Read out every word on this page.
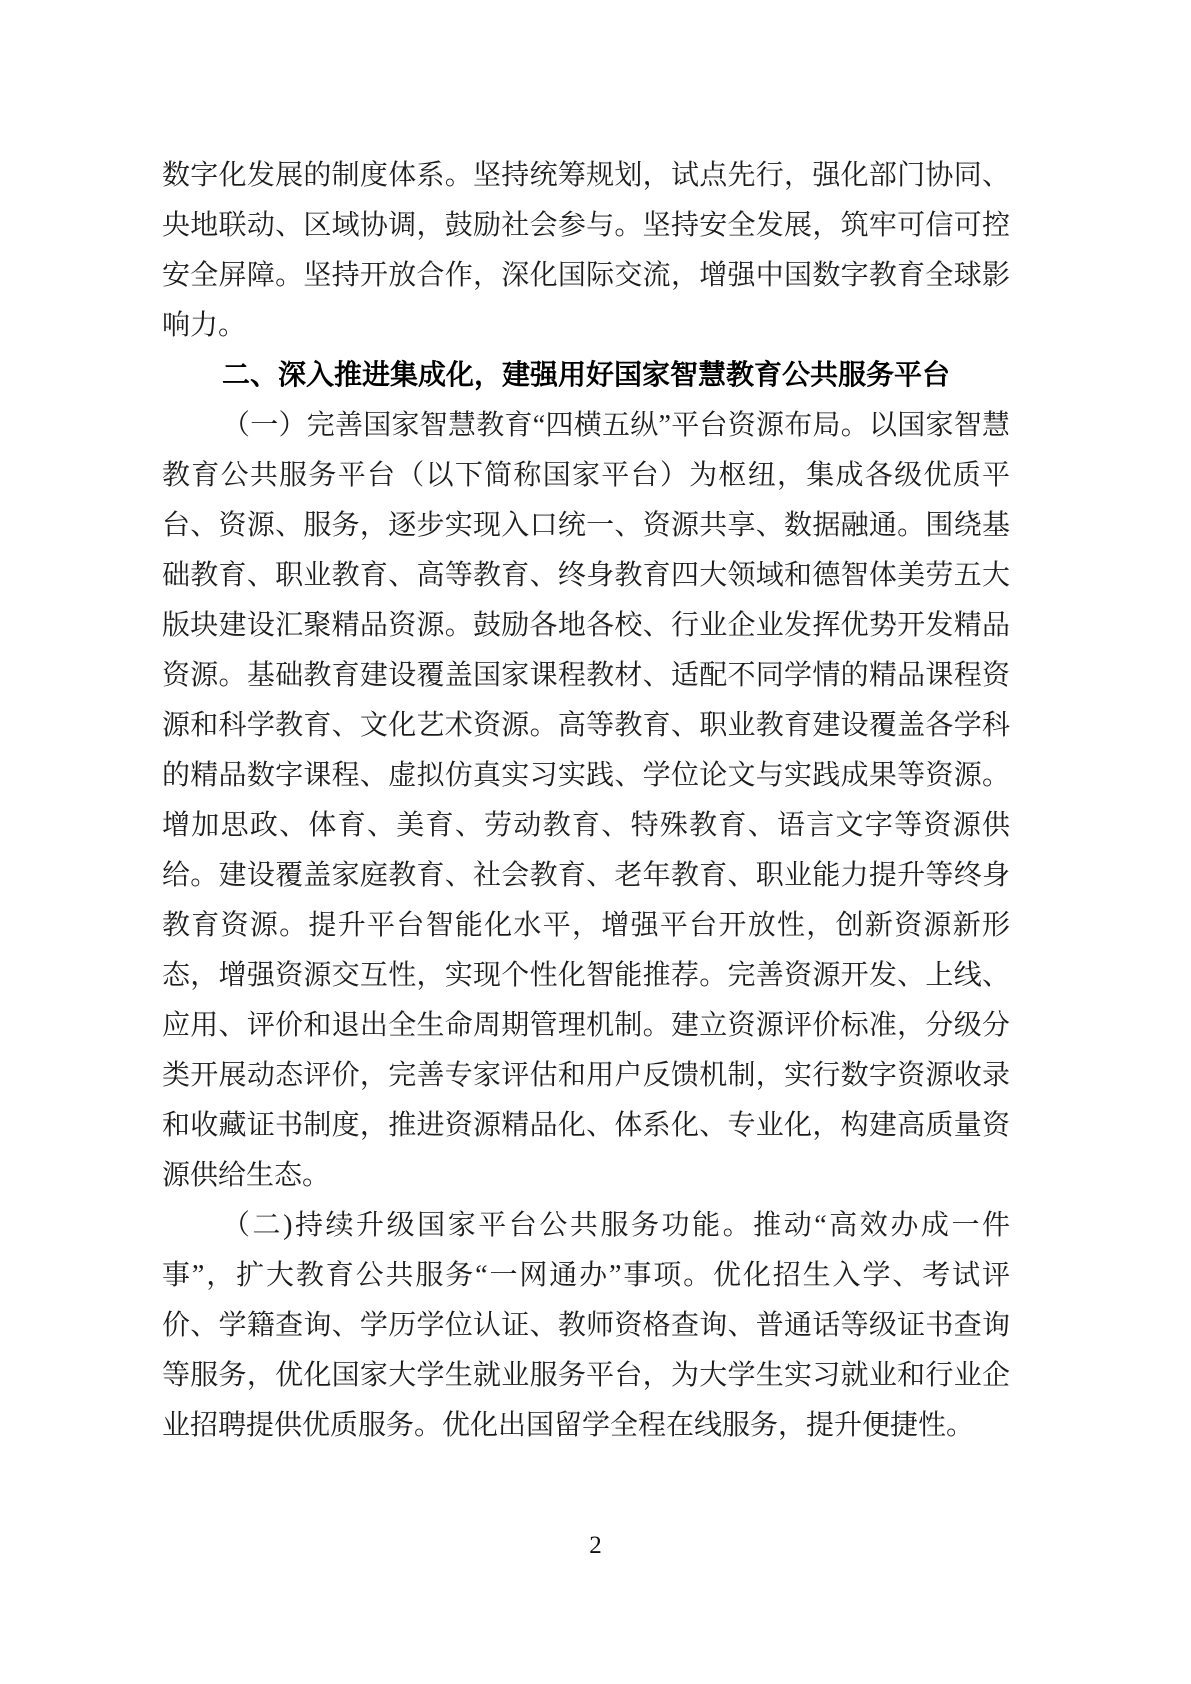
数字化发展的制度体系。坚持统筹规划，试点先行，强化部门协同、央地联动、区域协调，鼓励社会参与。坚持安全发展，筑牢可信可控安全屏障。坚持开放合作，深化国际交流，增强中国数字教育全球影响力。

二、深入推进集成化，建强用好国家智慧教育公共服务平台

（一）完善国家智慧教育“四横五纵”平台资源布局。以国家智慧教育公共服务平台（以下简称国家平台）为枢纽，集成各级优质平台、资源、服务，逐步实现入口统一、资源共享、数据融通。围绕基础教育、职业教育、高等教育、终身教育四大领域和德智体美劳五大版块建设汇聚精品资源。鼓励各地各校、行业企业发挥优势开发精品资源。基础教育建设覆盖国家课程教材、适配不同学情的精品课程资源和科学教育、文化艺术资源。高等教育、职业教育建设覆盖各学科的精品数字课程、虚拟仿真实习实践、学位论文与实践成果等资源。增加思政、体育、美育、劳动教育、特殊教育、语言文字等资源供给。建设覆盖家庭教育、社会教育、老年教育、职业能力提升等终身教育资源。提升平台智能化水平，增强平台开放性，创新资源新形态，增强资源交互性，实现个性化智能推荐。完善资源开发、上线、应用、评价和退出全生命周期管理机制。建立资源评价标准，分级分类开展动态评价，完善专家评估和用户反馈机制，实行数字资源收录和收藏证书制度，推进资源精品化、体系化、专业化，构建高质量资源供给生态。

（二)持续升级国家平台公共服务功能。推动“高效办成一件事”，扩大教育公共服务“一网通办”事项。优化招生入学、考试评价、学籍查询、学历学位认证、教师资格查询、普通话等级证书查询等服务，优化国家大学生就业服务平台，为大学生实习就业和行业企业招聘提供优质服务。优化出国留学全程在线服务，提升便捷性。

2
